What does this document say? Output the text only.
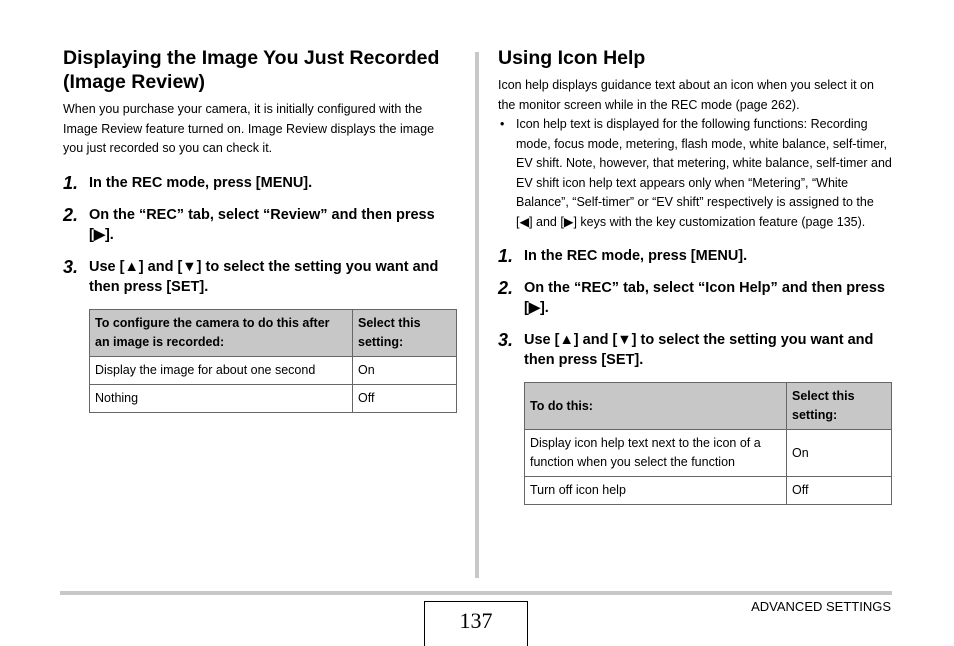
Displaying the Image You Just Recorded (Image Review)

When you purchase your camera, it is initially configured with the Image Review feature turned on. Image Review displays the image you just recorded so you can check it.

1. In the REC mode, press [MENU].
2. On the “REC” tab, select “Review” and then press [▶].
3. Use [▲] and [▼] to select the setting you want and then press [SET].
To configure the camera to do this after an image is recorded:	Select this setting:
Display the image for about one second	On
Nothing	Off
Using Icon Help

Icon help displays guidance text about an icon when you select it on the monitor screen while in the REC mode (page 262).

• Icon help text is displayed for the following functions: Recording mode, focus mode, metering, flash mode, white balance, self-timer, EV shift. Note, however, that metering, white balance, self-timer and EV shift icon help text appears only when “Metering”, “White Balance”, “Self-timer” or “EV shift” respectively is assigned to the [◀] and [▶] keys with the key customization feature (page 135).
1. In the REC mode, press [MENU].
2. On the “REC” tab, select “Icon Help” and then press [▶].
3. Use [▲] and [▼] to select the setting you want and then press [SET].
To do this:	Select this setting:
Display icon help text next to the icon of a function when you select the function	On
Turn off icon help	Off
137
ADVANCED SETTINGS
